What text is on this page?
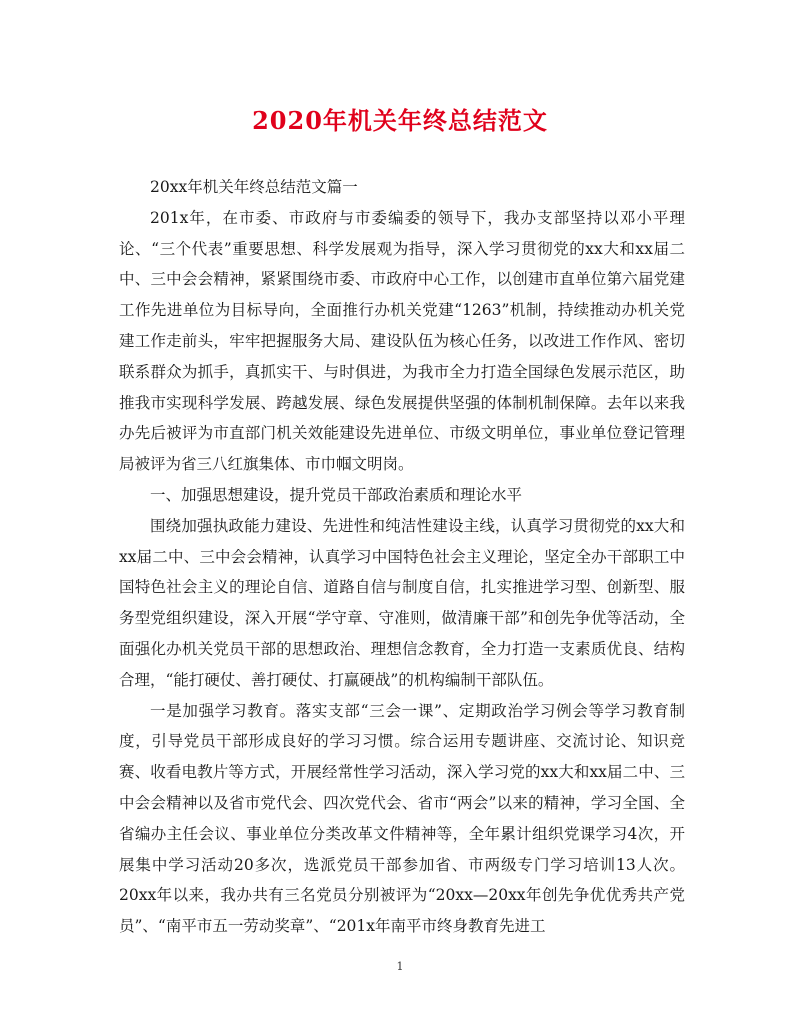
2020年机关年终总结范文

20xx年机关年终总结范文篇一

201x年，在市委、市政府与市委编委的领导下，我办支部坚持以邓小平理论、“三个代表”重要思想、科学发展观为指导，深入学习贯彻党的xx大和xx届二中、三中会会精神，紧紧围绕市委、市政府中心工作，以创建市直单位第六届党建工作先进单位为目标导向，全面推行办机关党建“1263”机制，持续推动办机关党建工作走前头，牢牢把握服务大局、建设队伍为核心任务，以改进工作作风、密切联系群众为抓手，真抓实干、与时俱进，为我市全力打造全国绿色发展示范区，助推我市实现科学发展、跨越发展、绿色发展提供坚强的体制机制保障。去年以来我办先后被评为市直部门机关效能建设先进单位、市级文明单位，事业单位登记管理局被评为省三八红旗集体、市巾帼文明岗。

一、加强思想建设，提升党员干部政治素质和理论水平

围绕加强执政能力建设、先进性和纯洁性建设主线，认真学习贯彻党的xx大和xx届二中、三中会会精神，认真学习中国特色社会主义理论，坚定全办干部职工中国特色社会主义的理论自信、道路自信与制度自信，扎实推进学习型、创新型、服务型党组织建设，深入开展“学守章、守准则，做清廉干部”和创先争优等活动，全面强化办机关党员干部的思想政治、理想信念教育，全力打造一支素质优良、结构合理，“能打硬仗、善打硬仗、打赢硬战”的机构编制干部队伍。

一是加强学习教育。落实支部“三会一课”、定期政治学习例会等学习教育制度，引导党员干部形成良好的学习习惯。综合运用专题讲座、交流讨论、知识竞赛、收看电教片等方式，开展经常性学习活动，深入学习党的xx大和xx届二中、三中会会精神以及省市党代会、四次党代会、省市“两会”以来的精神，学习全国、全省编办主任会议、事业单位分类改革文件精神等，全年累计组织党课学习4次，开展集中学习活动20多次，选派党员干部参加省、市两级专门学习培训13人次。20xx年以来，我办共有三名党员分别被评为“20xx—20xx年创先争优优秀共产党员”、“南平市五一劳动奖章”、“201x年南平市终身教育先进工

1
